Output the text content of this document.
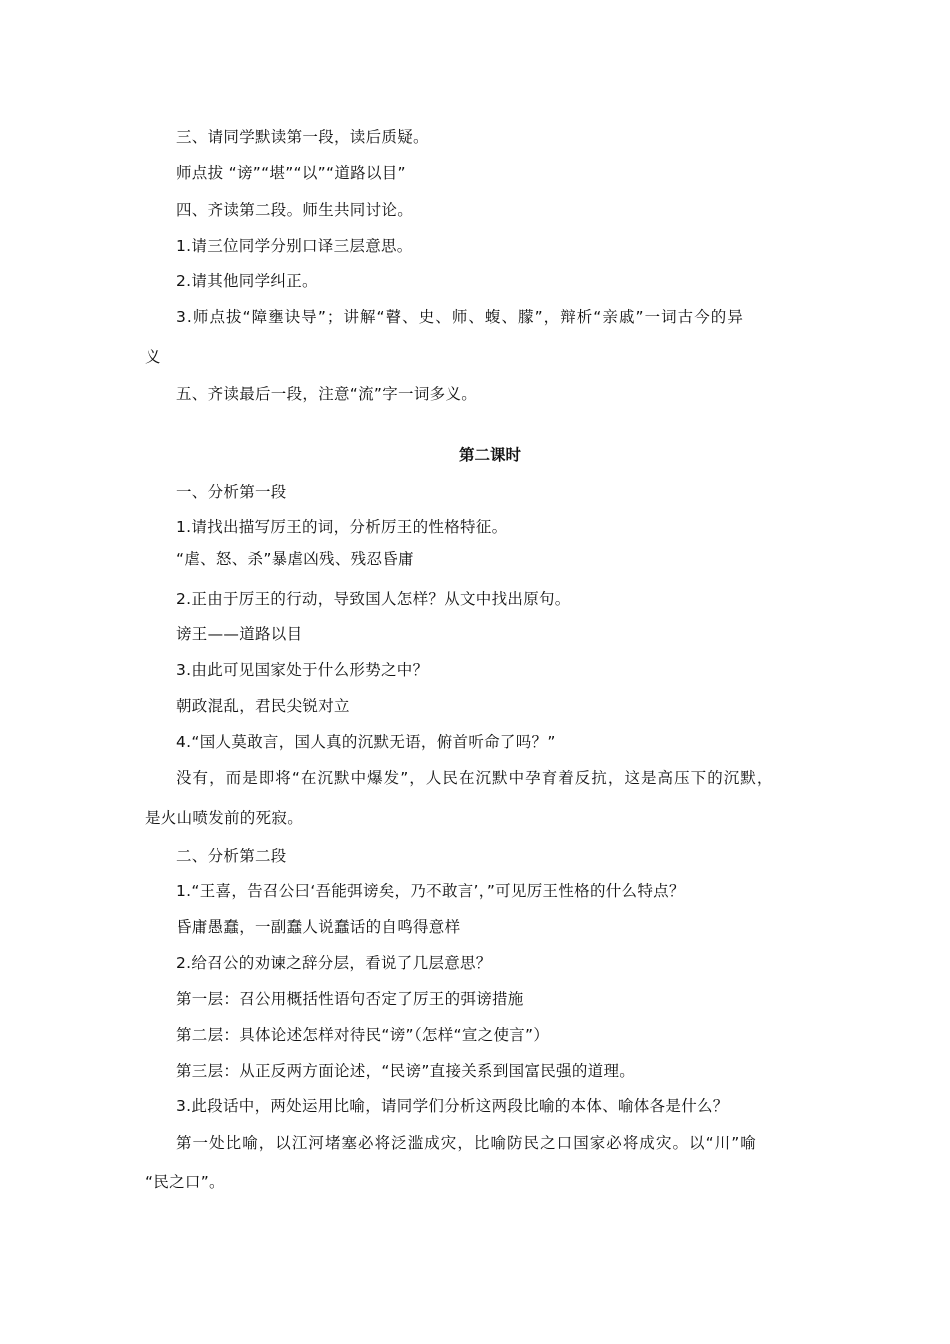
三、请同学默读第一段，读后质疑。
师点拔 “谤”“堪”“以”“道路以目”
四、齐读第二段。师生共同讨论。
1.请三位同学分别口译三层意思。
2.请其他同学纠正。
3.师点拔“障壅诀导”；讲解“瞽、史、师、蝮、朦”，辩析“亲戚”一词古今的异
义
五、齐读最后一段，注意“流”字一词多义。
第二课时
一、分析第一段
1.请找出描写厉王的词，分析厉王的性格特征。
“虐、怒、杀”暴虐凶残、残忍昏庸
2.正由于厉王的行动，导致国人怎样？从文中找出原句。
谤王——道路以目
3.由此可见国家处于什么形势之中？
朝政混乱，君民尖锐对立
4.“国人莫敢言，国人真的沉默无语，俯首听命了吗？”
没有，而是即将“在沉默中爆发”，人民在沉默中孕育着反抗，这是高压下的沉默，
是火山喷发前的死寂。
二、分析第二段
1.“王喜，告召公曰‘吾能弭谤矣，乃不敢言’，”可见厉王性格的什么特点？
昏庸愚蠢，一副蠢人说蠢话的自鸣得意样
2.给召公的劝谏之辞分层，看说了几层意思？
第一层：召公用概括性语句否定了厉王的弭谤措施
第二层：具体论述怎样对待民“谤”（怎样“宣之使言”）
第三层：从正反两方面论述，“民谤”直接关系到国富民强的道理。
3.此段话中，两处运用比喻，请同学们分析这两段比喻的本体、喻体各是什么？
第一处比喻，以江河堵塞必将泛滥成灾，比喻防民之口国家必将成灾。以“川”喻
“民之口”。
